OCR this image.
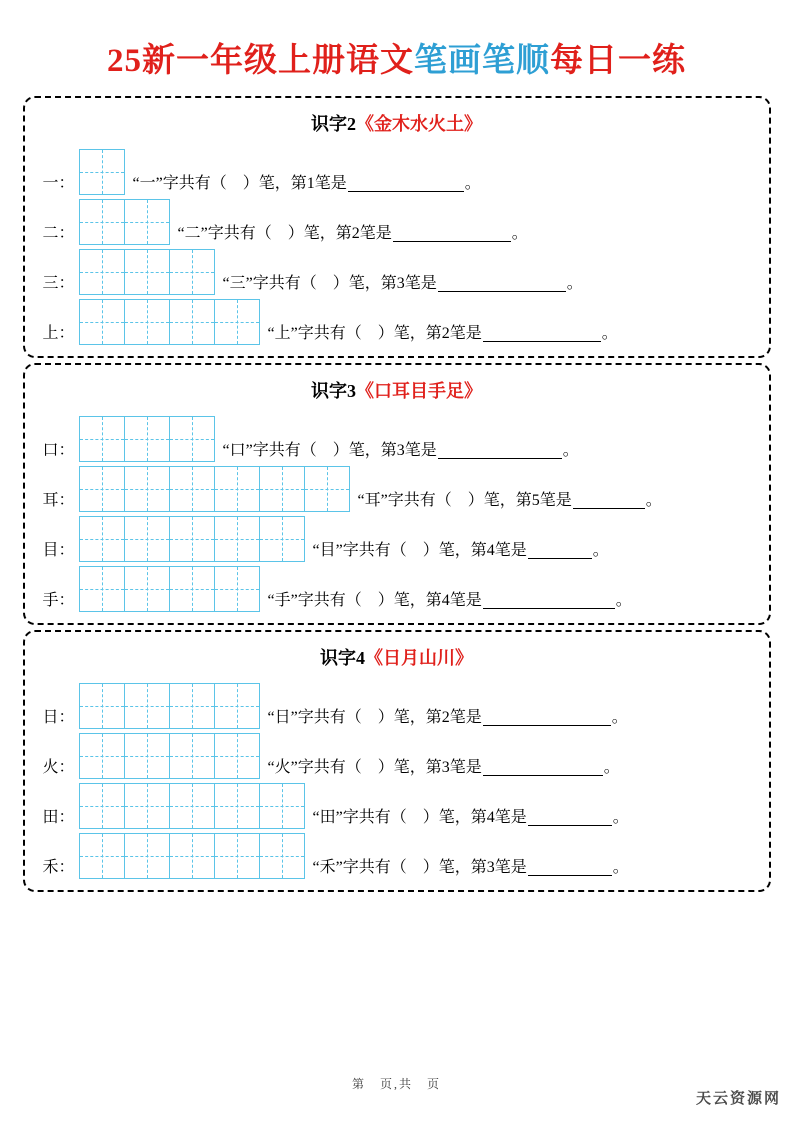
25新一年级上册语文笔画笔顺每日一练
识字2《金木水火土》
一：	“一”字共有（　 ）笔，第1笔是	。
二：	“二”字共有（　 ）笔，第2笔是	。
三：	“三”字共有（　 ）笔，第3笔是	。
上：	“上”字共有（　 ）笔，第2笔是	。
识字3《口耳目手足》
口：	“口”字共有（　 ）笔，第3笔是	。
耳：	“耳”字共有（　 ）笔，第5笔是	。
目：	“目”字共有（　 ）笔，第4笔是	。
手：	“手”字共有（　 ）笔，第4笔是	。
识字4《日月山川》
日：	“日”字共有（　 ）笔，第2笔是	。
火：	“火”字共有（　 ）笔，第3笔是	。
田：	“田”字共有（　 ）笔，第4笔是	。
禾：	“禾”字共有（　 ）笔，第3笔是	。
第　页,共　页
天云资源网
